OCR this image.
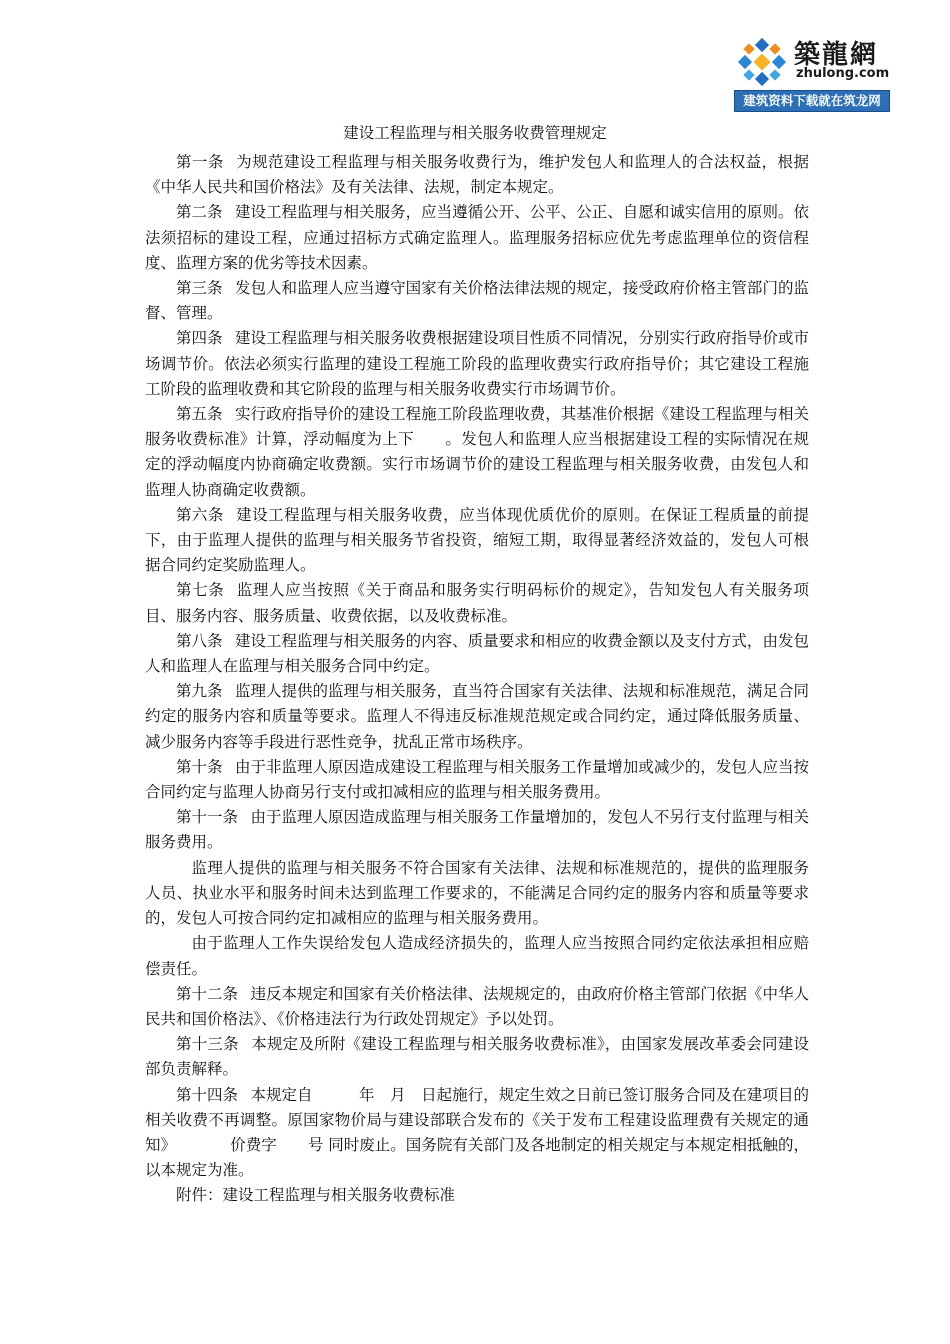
築龍網
zhulong.com
建筑资料下载就在筑龙网
建设工程监理与相关服务收费管理规定

第一条 为规范建设工程监理与相关服务收费行为，维护发包人和监理人的合法权益，根据《中华人民共和国价格法》及有关法律、法规，制定本规定。

第二条 建设工程监理与相关服务，应当遵循公开、公平、公正、自愿和诚实信用的原则。依法须招标的建设工程，应通过招标方式确定监理人。监理服务招标应优先考虑监理单位的资信程度、监理方案的优劣等技术因素。

第三条 发包人和监理人应当遵守国家有关价格法律法规的规定，接受政府价格主管部门的监督、管理。

第四条 建设工程监理与相关服务收费根据建设项目性质不同情况，分别实行政府指导价或市场调节价。依法必须实行监理的建设工程施工阶段的监理收费实行政府指导价；其它建设工程施工阶段的监理收费和其它阶段的监理与相关服务收费实行市场调节价。

第五条 实行政府指导价的建设工程施工阶段监理收费，其基准价根据《建设工程监理与相关服务收费标准》计算，浮动幅度为上下　　。发包人和监理人应当根据建设工程的实际情况在规定的浮动幅度内协商确定收费额。实行市场调节价的建设工程监理与相关服务收费，由发包人和监理人协商确定收费额。

第六条 建设工程监理与相关服务收费，应当体现优质优价的原则。在保证工程质量的前提下，由于监理人提供的监理与相关服务节省投资，缩短工期，取得显著经济效益的，发包人可根据合同约定奖励监理人。

第七条 监理人应当按照《关于商品和服务实行明码标价的规定》，告知发包人有关服务项目、服务内容、服务质量、收费依据，以及收费标准。

第八条 建设工程监理与相关服务的内容、质量要求和相应的收费金额以及支付方式，由发包人和监理人在监理与相关服务合同中约定。

第九条 监理人提供的监理与相关服务，直当符合国家有关法律、法规和标准规范，满足合同约定的服务内容和质量等要求。监理人不得违反标准规范规定或合同约定，通过降低服务质量、减少服务内容等手段进行恶性竞争，扰乱正常市场秩序。

第十条 由于非监理人原因造成建设工程监理与相关服务工作量增加或减少的，发包人应当按合同约定与监理人协商另行支付或扣减相应的监理与相关服务费用。

第十一条 由于监理人原因造成监理与相关服务工作量增加的，发包人不另行支付监理与相关服务费用。

监理人提供的监理与相关服务不符合国家有关法律、法规和标准规范的，提供的监理服务人员、执业水平和服务时间未达到监理工作要求的，不能满足合同约定的服务内容和质量等要求的，发包人可按合同约定扣减相应的监理与相关服务费用。

由于监理人工作失误给发包人造成经济损失的，监理人应当按照合同约定依法承担相应赔偿责任。

第十二条 违反本规定和国家有关价格法律、法规规定的，由政府价格主管部门依据《中华人民共和国价格法》、《价格违法行为行政处罚规定》予以处罚。

第十三条 本规定及所附《建设工程监理与相关服务收费标准》，由国家发展改革委会同建设部负责解释。

第十四条 本规定自　　　年　月　日起施行，规定生效之日前已签订服务合同及在建项目的相关收费不再调整。原国家物价局与建设部联合发布的《关于发布工程建设监理费有关规定的通知》　　　　价费字　　号 同时废止。国务院有关部门及各地制定的相关规定与本规定相抵触的，以本规定为准。

附件：建设工程监理与相关服务收费标准
